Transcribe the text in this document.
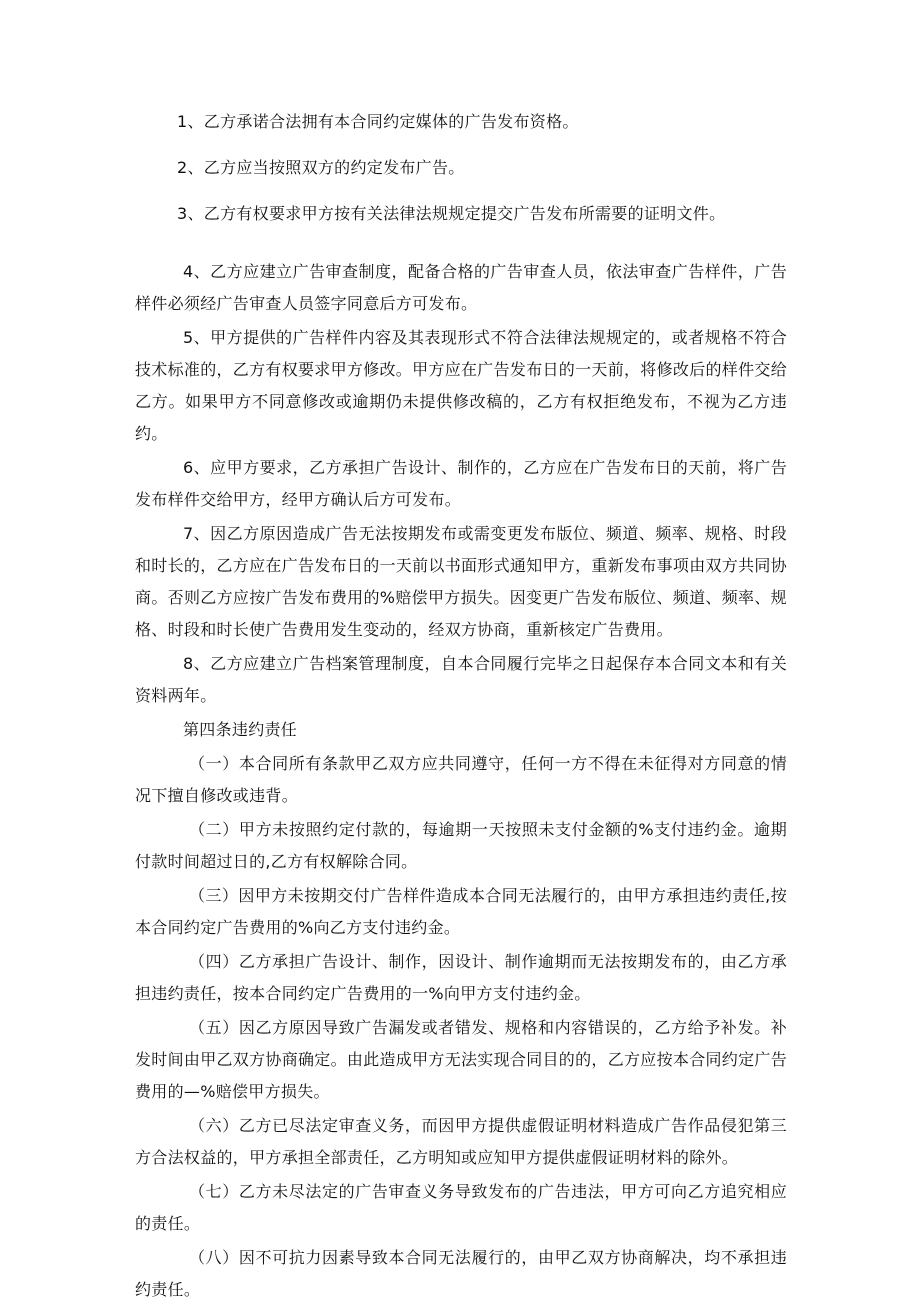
1、乙方承诺合法拥有本合同约定媒体的广告发布资格。

2、乙方应当按照双方的约定发布广告。

3、乙方有权要求甲方按有关法律法规规定提交广告发布所需要的证明文件。

4、乙方应建立广告审查制度，配备合格的广告审查人员，依法审查广告样件，广告样件必须经广告审查人员签字同意后方可发布。

5、甲方提供的广告样件内容及其表现形式不符合法律法规规定的，或者规格不符合技术标准的，乙方有权要求甲方修改。甲方应在广告发布日的一天前，将修改后的样件交给乙方。如果甲方不同意修改或逾期仍未提供修改稿的，乙方有权拒绝发布，不视为乙方违约。

6、应甲方要求，乙方承担广告设计、制作的，乙方应在广告发布日的天前，将广告发布样件交给甲方，经甲方确认后方可发布。

7、因乙方原因造成广告无法按期发布或需变更发布版位、频道、频率、规格、时段和时长的，乙方应在广告发布日的一天前以书面形式通知甲方，重新发布事项由双方共同协商。否则乙方应按广告发布费用的%赔偿甲方损失。因变更广告发布版位、频道、频率、规格、时段和时长使广告费用发生变动的，经双方协商，重新核定广告费用。

8、乙方应建立广告档案管理制度，自本合同履行完毕之日起保存本合同文本和有关资料两年。

第四条违约责任

（一）本合同所有条款甲乙双方应共同遵守，任何一方不得在未征得对方同意的情况下擅自修改或违背。

（二）甲方未按照约定付款的，每逾期一天按照未支付金额的%支付违约金。逾期付款时间超过日的,乙方有权解除合同。

（三）因甲方未按期交付广告样件造成本合同无法履行的，由甲方承担违约责任,按本合同约定广告费用的%向乙方支付违约金。

（四）乙方承担广告设计、制作，因设计、制作逾期而无法按期发布的，由乙方承担违约责任，按本合同约定广告费用的一%向甲方支付违约金。

（五）因乙方原因导致广告漏发或者错发、规格和内容错误的，乙方给予补发。补发时间由甲乙双方协商确定。由此造成甲方无法实现合同目的的，乙方应按本合同约定广告费用的—%赔偿甲方损失。

（六）乙方已尽法定审查义务，而因甲方提供虚假证明材料造成广告作品侵犯第三方合法权益的，甲方承担全部责任，乙方明知或应知甲方提供虚假证明材料的除外。

（七）乙方未尽法定的广告审查义务导致发布的广告违法，甲方可向乙方追究相应的责任。

（八）因不可抗力因素导致本合同无法履行的，由甲乙双方协商解决，均不承担违约责任。
